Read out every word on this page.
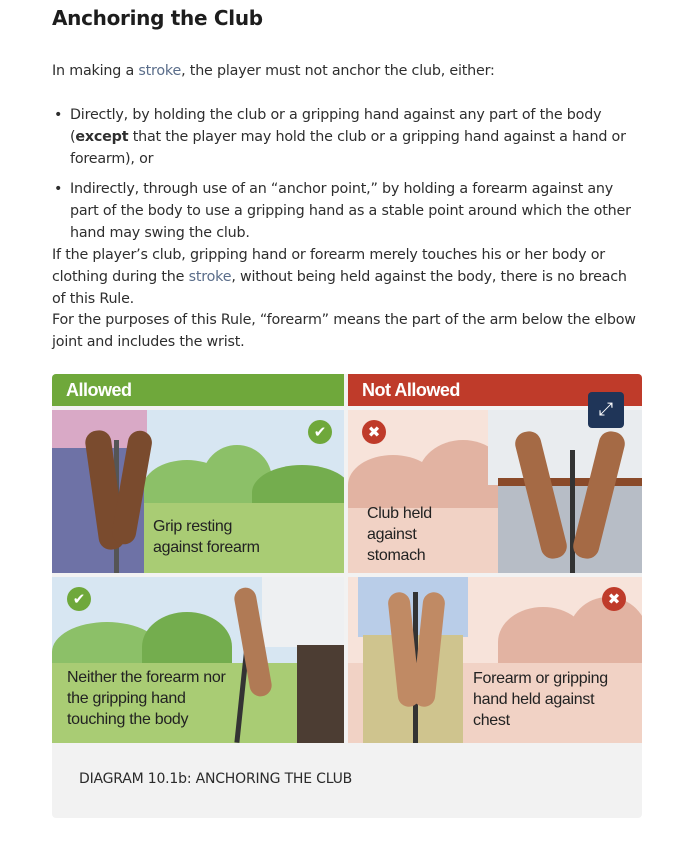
Anchoring the Club
In making a stroke, the player must not anchor the club, either:
• Directly, by holding the club or a gripping hand against any part of the body (except that the player may hold the club or a gripping hand against a hand or forearm), or
• Indirectly, through use of an “anchor point,” by holding a forearm against any part of the body to use a gripping hand as a stable point around which the other hand may swing the club.
If the player’s club, gripping hand or forearm merely touches his or her body or clothing during the stroke, without being held against the body, there is no breach of this Rule.
For the purposes of this Rule, “forearm” means the part of the arm below the elbow joint and includes the wrist.
Allowed	Not Allowed
✔
Grip resting against forearm
✖
Club held against stomach
✔
Neither the forearm nor the gripping hand touching the body
✖
Forearm or gripping hand held against chest
⤢
DIAGRAM 10.1b: ANCHORING THE CLUB
